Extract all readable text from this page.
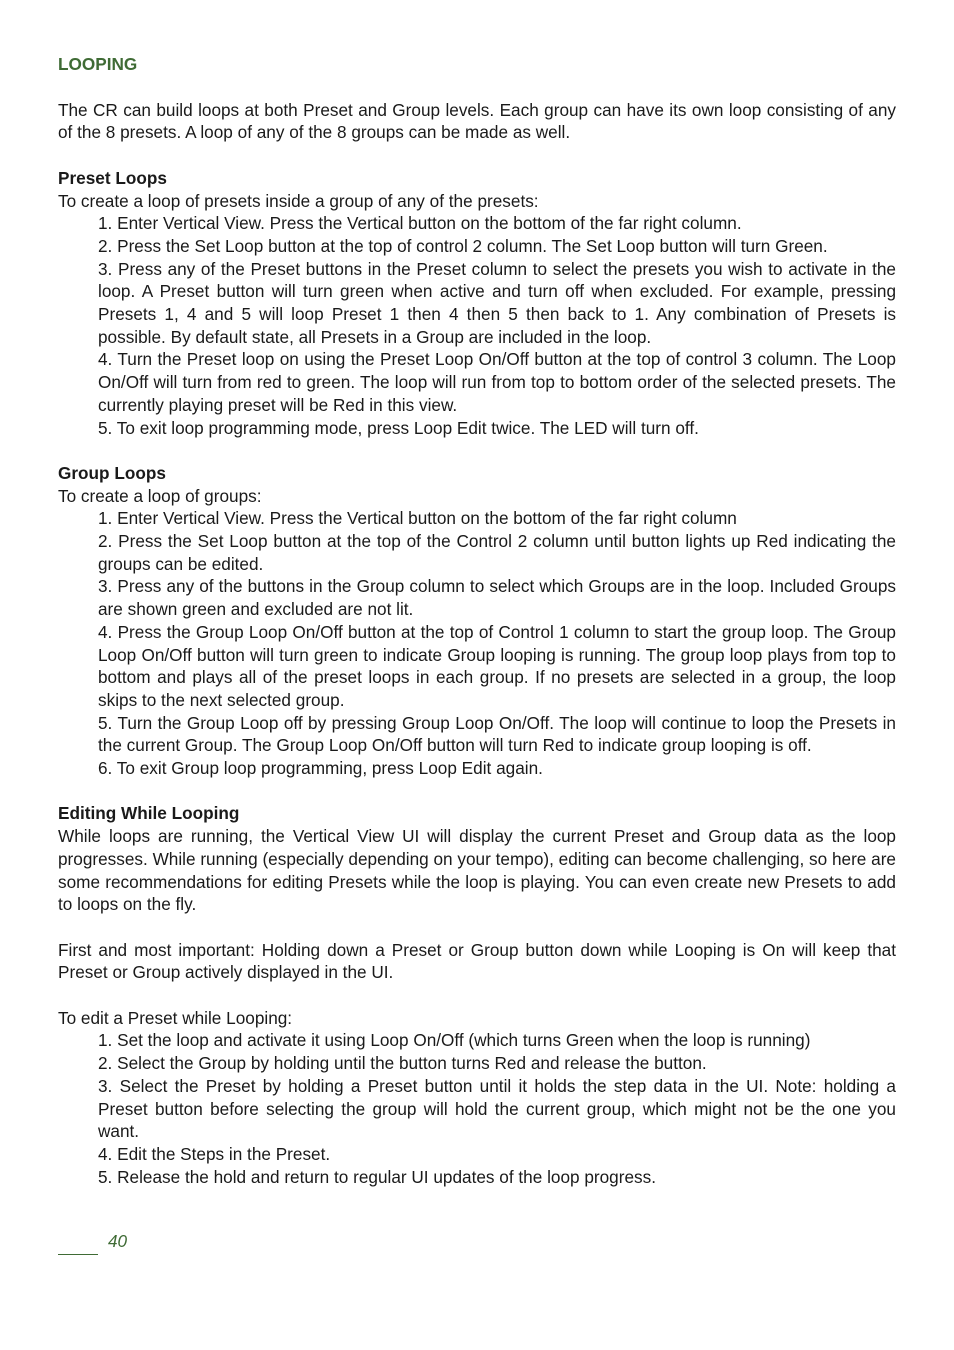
LOOPING

The CR can build loops at both Preset and Group levels. Each group can have its own loop consisting of any of the 8 presets. A loop of any of the 8 groups can be made as well.

Preset Loops

To create a loop of presets inside a group of any of the presets:

1. Enter Vertical View. Press the Vertical button on the bottom of the far right column.
2. Press the Set Loop button at the top of control 2 column. The Set Loop button will turn Green.
3. Press any of the Preset buttons in the Preset column to select the presets you wish to activate in the loop. A Preset button will turn green when active and turn off when excluded. For example, pressing Presets 1, 4 and 5 will loop Preset 1 then 4 then 5 then back to 1. Any combination of Presets is possible. By default state, all Presets in a Group are included in the loop.
4. Turn the Preset loop on using the Preset Loop On/Off button at the top of control 3 column. The Loop On/Off will turn from red to green. The loop will run from top to bottom order of the selected presets. The currently playing preset will be Red in this view.
5. To exit loop programming mode, press Loop Edit twice. The LED will turn off.
Group Loops

To create a loop of groups:

1. Enter Vertical View. Press the Vertical button on the bottom of the far right column
2. Press the Set Loop button at the top of the Control 2 column until button lights up Red indicating the groups can be edited.
3. Press any of the buttons in the Group column to select which Groups are in the loop. Included Groups are shown green and excluded are not lit.
4. Press the Group Loop On/Off button at the top of Control 1 column to start the group loop. The Group Loop On/Off button will turn green to indicate Group looping is running. The group loop plays from top to bottom and plays all of the preset loops in each group. If no presets are selected in a group, the loop skips to the next selected group.
5. Turn the Group Loop off by pressing Group Loop On/Off. The loop will continue to loop the Presets in the current Group. The Group Loop On/Off button will turn Red to indicate group looping is off.
6. To exit Group loop programming, press Loop Edit again.
Editing While Looping

While loops are running, the Vertical View UI will display the current Preset and Group data as the loop progresses. While running (especially depending on your tempo), editing can become challenging, so here are some recommendations for editing Presets while the loop is playing. You can even create new Presets to add to loops on the fly.

First and most important: Holding down a Preset or Group button down while Looping is On will keep that Preset or Group actively displayed in the UI.

To edit a Preset while Looping:

1. Set the loop and activate it using Loop On/Off (which turns Green when the loop is running)
2. Select the Group by holding until the button turns Red and release the button.
3. Select the Preset by holding a Preset button until it holds the step data in the UI. Note: holding a Preset button before selecting the group will hold the current group, which might not be the one you want.
4. Edit the Steps in the Preset.
5. Release the hold and return to regular UI updates of the loop progress.
40
